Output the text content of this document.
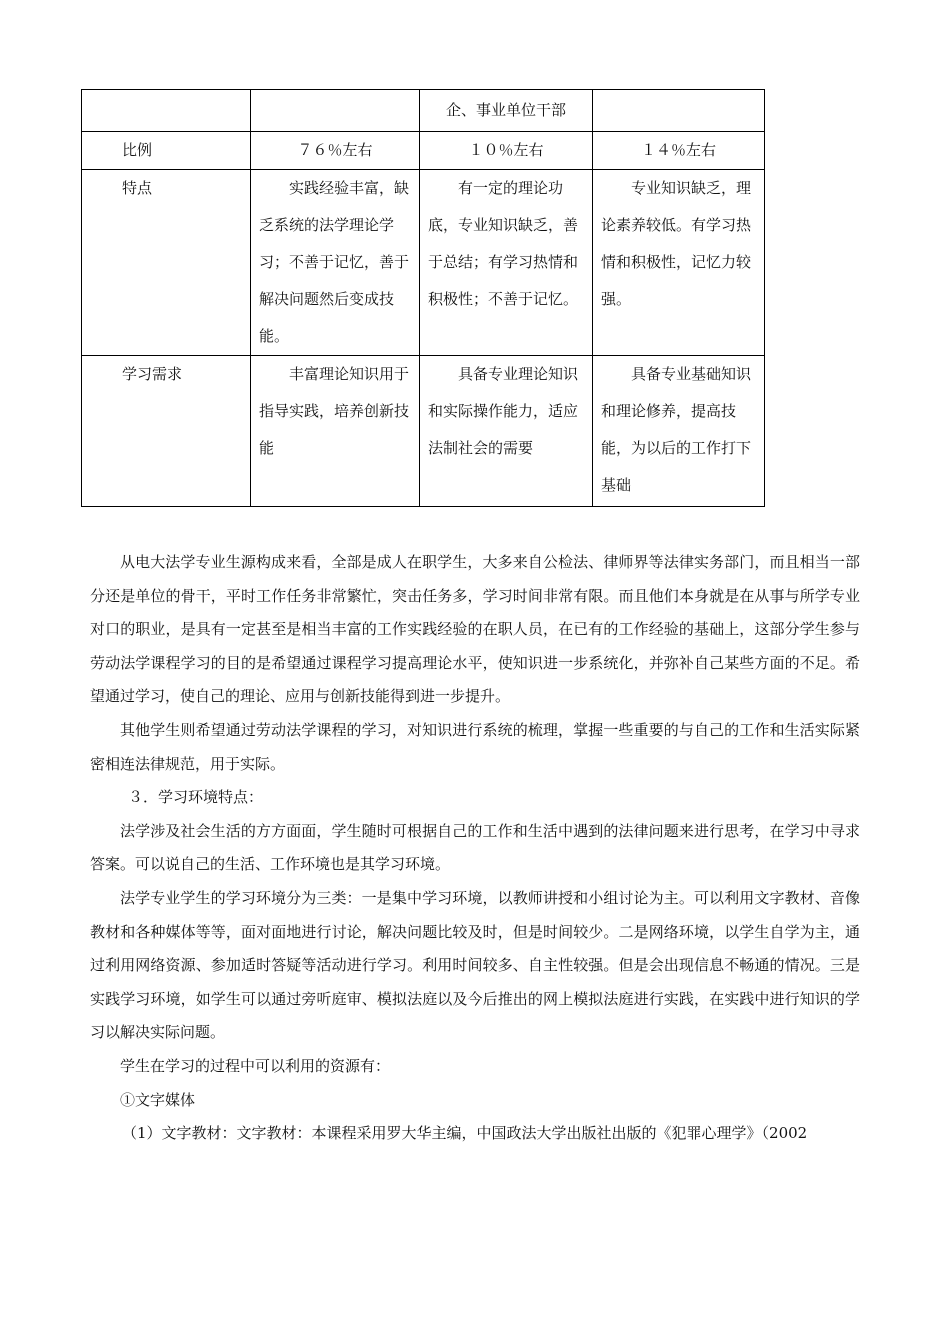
		企、事业单位干部	
比例	７６％左右	１０％左右	１４％左右
特点	实践经验丰富，缺乏系统的法学理论学习；不善于记忆，善于解决问题然后变成技能。	有一定的理论功底，专业知识缺乏，善于总结；有学习热情和积极性；不善于记忆。	专业知识缺乏，理论素养较低。有学习热情和积极性，记忆力较强。
学习需求	丰富理论知识用于指导实践，培养创新技能	具备专业理论知识和实际操作能力，适应法制社会的需要	具备专业基础知识和理论修养，提高技能，为以后的工作打下基础

从电大法学专业生源构成来看，全部是成人在职学生，大多来自公检法、律师界等法律实务部门，而且相当一部分还是单位的骨干，平时工作任务非常繁忙，突击任务多，学习时间非常有限。而且他们本身就是在从事与所学专业对口的职业，是具有一定甚至是相当丰富的工作实践经验的在职人员，在已有的工作经验的基础上，这部分学生参与劳动法学课程学习的目的是希望通过课程学习提高理论水平，使知识进一步系统化，并弥补自己某些方面的不足。希望通过学习，使自己的理论、应用与创新技能得到进一步提升。

其他学生则希望通过劳动法学课程的学习，对知识进行系统的梳理，掌握一些重要的与自己的工作和生活实际紧密相连法律规范，用于实际。

３．学习环境特点：

法学涉及社会生活的方方面面，学生随时可根据自己的工作和生活中遇到的法律问题来进行思考，在学习中寻求答案。可以说自己的生活、工作环境也是其学习环境。

法学专业学生的学习环境分为三类：一是集中学习环境，以教师讲授和小组讨论为主。可以利用文字教材、音像教材和各种媒体等等，面对面地进行讨论，解决问题比较及时，但是时间较少。二是网络环境，以学生自学为主，通过利用网络资源、参加适时答疑等活动进行学习。利用时间较多、自主性较强。但是会出现信息不畅通的情况。三是实践学习环境，如学生可以通过旁听庭审、模拟法庭以及今后推出的网上模拟法庭进行实践，在实践中进行知识的学习以解决实际问题。

学生在学习的过程中可以利用的资源有：

①文字媒体

（1）文字教材：文字教材：本课程采用罗大华主编，中国政法大学出版社出版的《犯罪心理学》（2002
